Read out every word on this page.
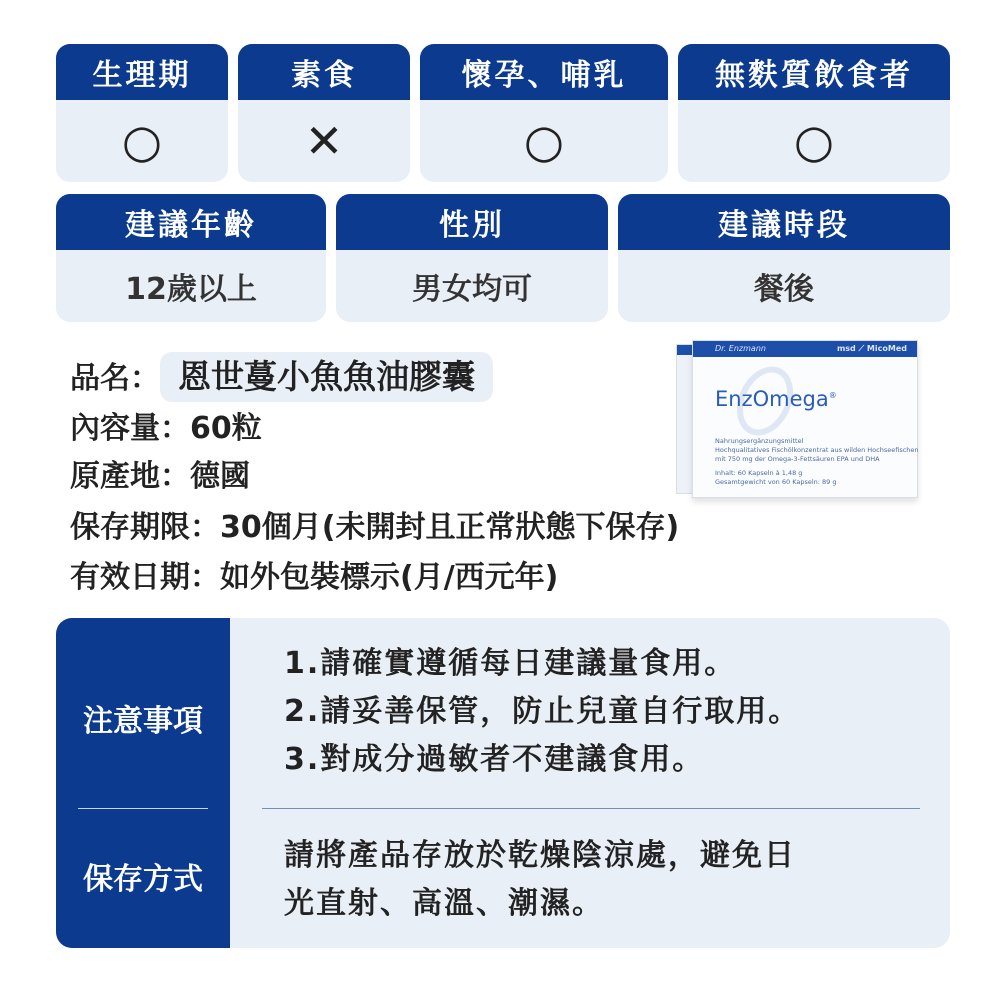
生理期
○
素食
✕
懷孕、哺乳
○
無麩質飲食者
○
建議年齡
12歲以上
性別
男女均可
建議時段
餐後
品名： 恩世蔓小魚魚油膠囊
內容量：60粒
原產地：德國
保存期限：30個月(未開封且正常狀態下保存)
有效日期：如外包裝標示(月/西元年)
Dr. Enzmann	msd ⟋ MicoMed
EnzOmega®
Nahrungsergänzungsmittel
Hochqualitatives Fischölkonzentrat aus wilden Hochseefischen
mit 750 mg der Omega-3-Fettsäuren EPA und DHA
Inhalt: 60 Kapseln à 1,48 g
Gesamtgewicht von 60 Kapseln: 89 g
注意事項
保存方式
1.請確實遵循每日建議量食用。
2.請妥善保管，防止兒童自行取用。
3.對成分過敏者不建議食用。
請將產品存放於乾燥陰涼處，避免日
光直射、高溫、潮濕。
